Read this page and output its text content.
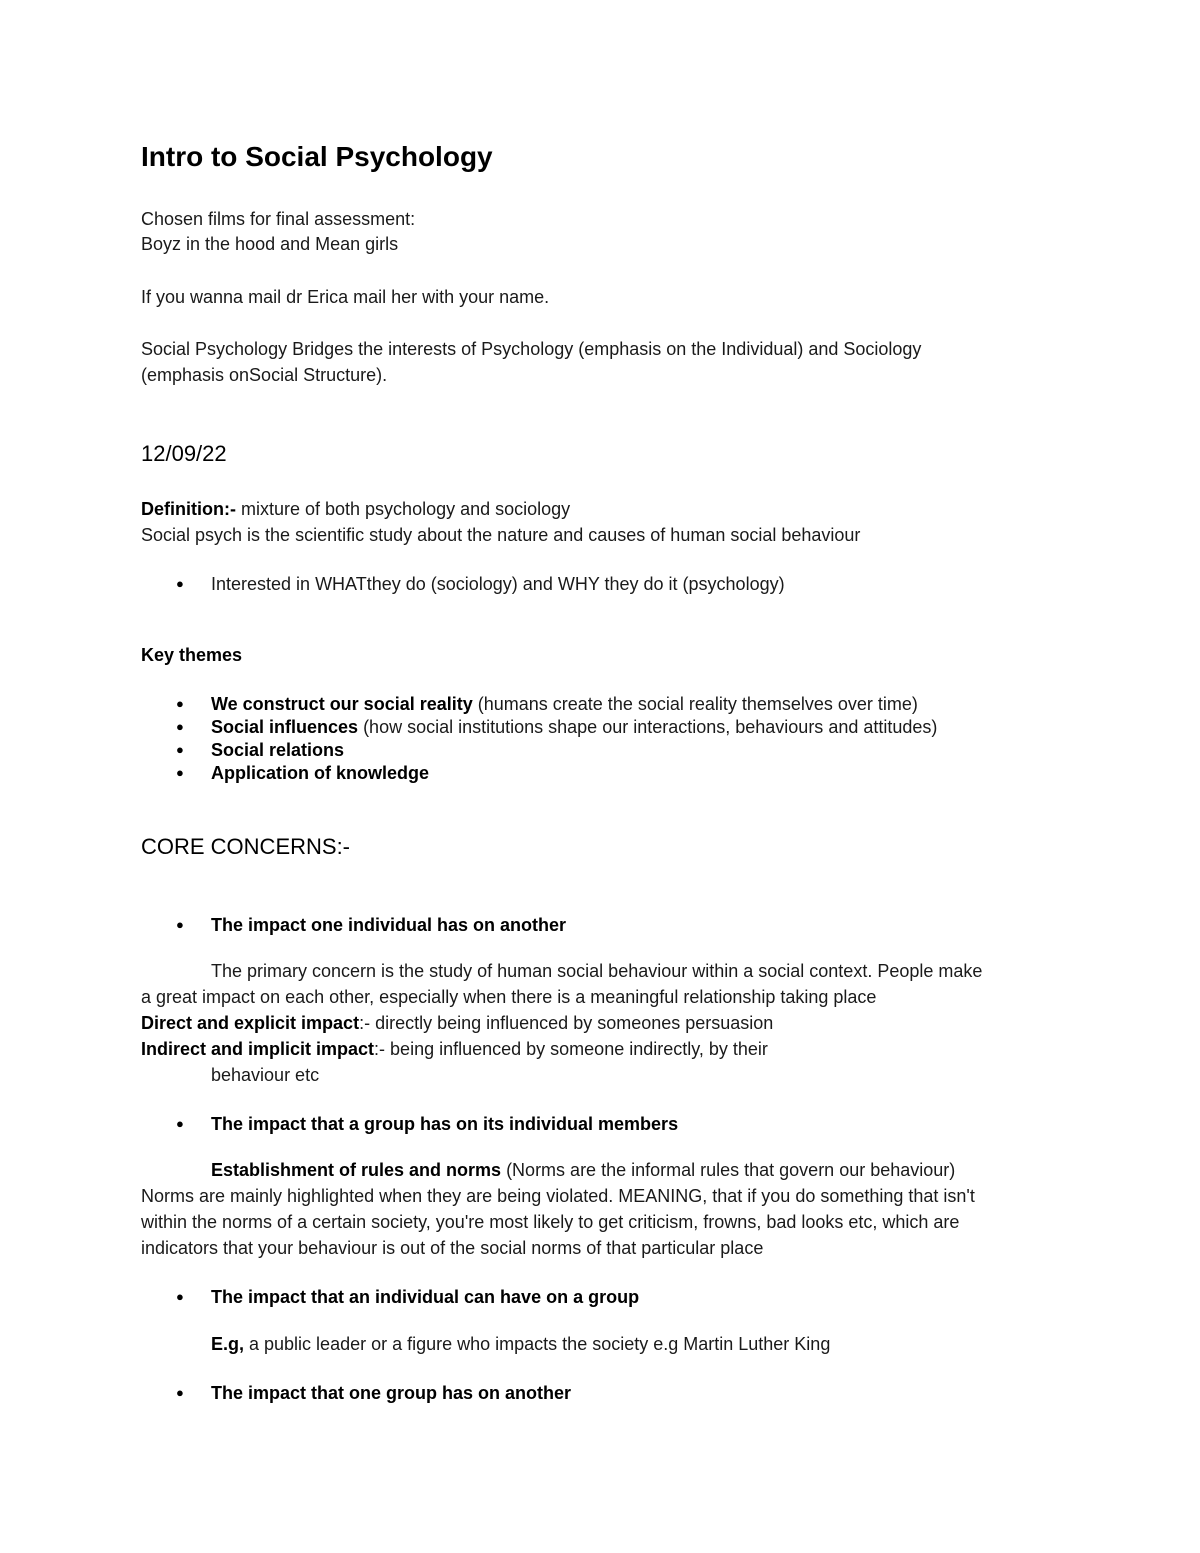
Intro to Social Psychology
Chosen films for final assessment:
Boyz in the hood and Mean girls
If you wanna mail dr Erica mail her with your name.
Social Psychology Bridges the interests of Psychology (emphasis on the Individual) and Sociology
(emphasis onSocial Structure).
12/09/22
Definition:- mixture of both psychology and sociology
Social psych is the scientific study about the nature and causes of human social behaviour
● Interested in WHATthey do (sociology) and WHY they do it (psychology)
Key themes
● We construct our social reality (humans create the social reality themselves over time)
● Social influences (how social institutions shape our interactions, behaviours and attitudes)
● Social relations
● Application of knowledge
CORE CONCERNS:-
● The impact one individual has on another
The primary concern is the study of human social behaviour within a social context. People make
a great impact on each other, especially when there is a meaningful relationship taking place
Direct and explicit impact:- directly being influenced by someones persuasion
Indirect and implicit impact:- being influenced by someone indirectly, by their
behaviour etc
● The impact that a group has on its individual members
Establishment of rules and norms (Norms are the informal rules that govern our behaviour)
Norms are mainly highlighted when they are being violated. MEANING, that if you do something that isn't
within the norms of a certain society, you're most likely to get criticism, frowns, bad looks etc, which are
indicators that your behaviour is out of the social norms of that particular place
● The impact that an individual can have on a group
E.g, a public leader or a figure who impacts the society e.g Martin Luther King
● The impact that one group has on another
